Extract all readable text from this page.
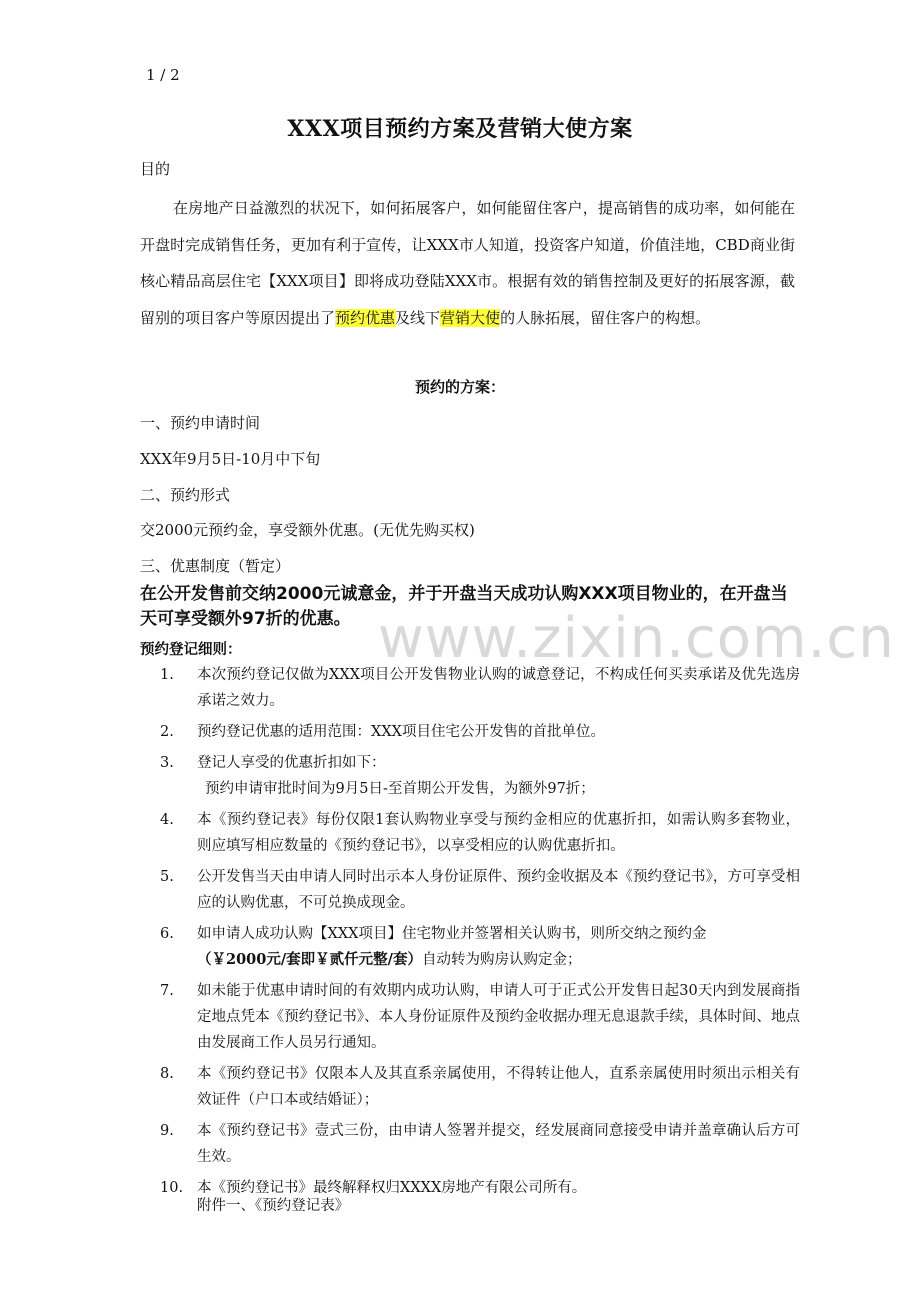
1 / 2
XXX项目预约方案及营销大使方案
目的

在房地产日益激烈的状况下，如何拓展客户，如何能留住客户，提高销售的成功率，如何能在开盘时完成销售任务，更加有利于宣传，让XXX市人知道，投资客户知道，价值洼地，CBD商业街核心精品高层住宅【XXX项目】即将成功登陆XXX市。根据有效的销售控制及更好的拓展客源，截留别的项目客户等原因提出了预约优惠及线下营销大使的人脉拓展，留住客户的构想。

预约的方案：
一、预约申请时间
XXX年9月5日-10月中下旬
二、预约形式
交2000元预约金，享受额外优惠。(无优先购买权)
三、优惠制度（暂定）

在公开发售前交纳2000元诚意金，并于开盘当天成功认购XXX项目物业的，在开盘当天可享受额外97折的优惠。

预约登记细则：
1.	本次预约登记仅做为XXX项目公开发售物业认购的诚意登记，不构成任何买卖承诺及优先选房承诺之效力。
2.	预约登记优惠的适用范围：XXX项目住宅公开发售的首批单位。
3.	登记人享受的优惠折扣如下：
预约申请审批时间为9月5日-至首期公开发售，为额外97折；
4.	本《预约登记表》每份仅限1套认购物业享受与预约金相应的优惠折扣，如需认购多套物业，则应填写相应数量的《预约登记书》，以享受相应的认购优惠折扣。
5.	公开发售当天由申请人同时出示本人身份证原件、预约金收据及本《预约登记书》，方可享受相应的认购优惠，不可兑换成现金。
6.	如申请人成功认购【XXX项目】住宅物业并签署相关认购书，则所交纳之预约金
（￥2000元/套即￥贰仟元整/套）自动转为购房认购定金；
7.	如未能于优惠申请时间的有效期内成功认购，申请人可于正式公开发售日起30天内到发展商指定地点凭本《预约登记书》、本人身份证原件及预约金收据办理无息退款手续，具体时间、地点由发展商工作人员另行通知。
8.	本《预约登记书》仅限本人及其直系亲属使用，不得转让他人，直系亲属使用时须出示相关有效证件（户口本或结婚证）；
9.	本《预约登记书》壹式三份，由申请人签署并提交，经发展商同意接受申请并盖章确认后方可生效。
10. 本《预约登记书》最终解释权归XXXX房地产有限公司所有。
附件一、《预约登记表》
www.zixin.com.cn
